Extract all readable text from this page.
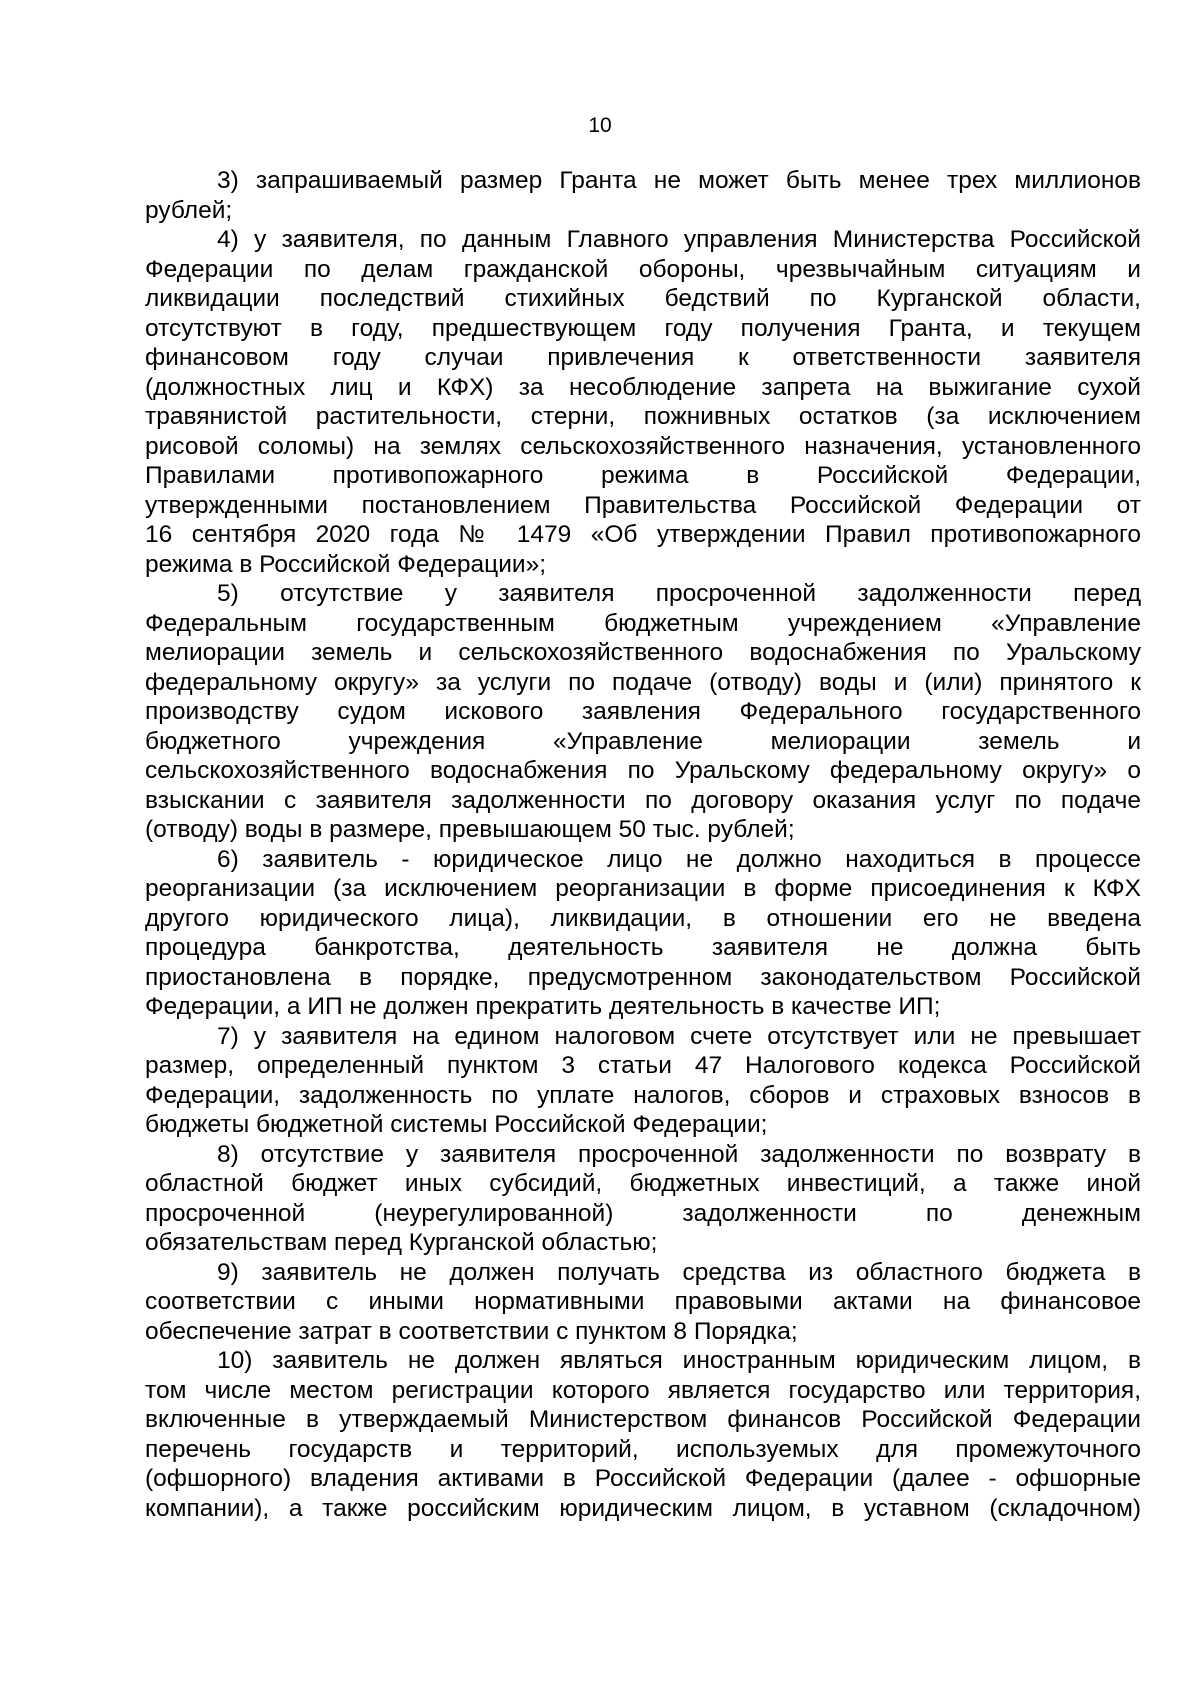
10
3) запрашиваемый размер Гранта не может быть менее трех миллионов
рублей;
4) у заявителя, по данным Главного управления Министерства Российской
Федерации по делам гражданской обороны, чрезвычайным ситуациям и
ликвидации последствий стихийных бедствий по Курганской области,
отсутствуют в году, предшествующем году получения Гранта, и текущем
финансовом году случаи привлечения к ответственности заявителя
(должностных лиц и КФХ) за несоблюдение запрета на выжигание сухой
травянистой растительности, стерни, пожнивных остатков (за исключением
рисовой соломы) на землях сельскохозяйственного назначения, установленного
Правилами противопожарного режима в Российской Федерации,
утвержденными постановлением Правительства Российской Федерации от
16 сентября 2020 года № 1479 «Об утверждении Правил противопожарного
режима в Российской Федерации»;
5) отсутствие у заявителя просроченной задолженности перед
Федеральным государственным бюджетным учреждением «Управление
мелиорации земель и сельскохозяйственного водоснабжения по Уральскому
федеральному округу» за услуги по подаче (отводу) воды и (или) принятого к
производству судом искового заявления Федерального государственного
бюджетного учреждения «Управление мелиорации земель и
сельскохозяйственного водоснабжения по Уральскому федеральному округу» о
взыскании с заявителя задолженности по договору оказания услуг по подаче
(отводу) воды в размере, превышающем 50 тыс. рублей;
6) заявитель - юридическое лицо не должно находиться в процессе
реорганизации (за исключением реорганизации в форме присоединения к КФХ
другого юридического лица), ликвидации, в отношении его не введена
процедура банкротства, деятельность заявителя не должна быть
приостановлена в порядке, предусмотренном законодательством Российской
Федерации, а ИП не должен прекратить деятельность в качестве ИП;
7) у заявителя на едином налоговом счете отсутствует или не превышает
размер, определенный пунктом 3 статьи 47 Налогового кодекса Российской
Федерации, задолженность по уплате налогов, сборов и страховых взносов в
бюджеты бюджетной системы Российской Федерации;
8) отсутствие у заявителя просроченной задолженности по возврату в
областной бюджет иных субсидий, бюджетных инвестиций, а также иной
просроченной (неурегулированной) задолженности по денежным
обязательствам перед Курганской областью;
9) заявитель не должен получать средства из областного бюджета в
соответствии с иными нормативными правовыми актами на финансовое
обеспечение затрат в соответствии с пунктом 8 Порядка;
10) заявитель не должен являться иностранным юридическим лицом, в
том числе местом регистрации которого является государство или территория,
включенные в утверждаемый Министерством финансов Российской Федерации
перечень государств и территорий, используемых для промежуточного
(офшорного) владения активами в Российской Федерации (далее - офшорные
компании), а также российским юридическим лицом, в уставном (складочном)
